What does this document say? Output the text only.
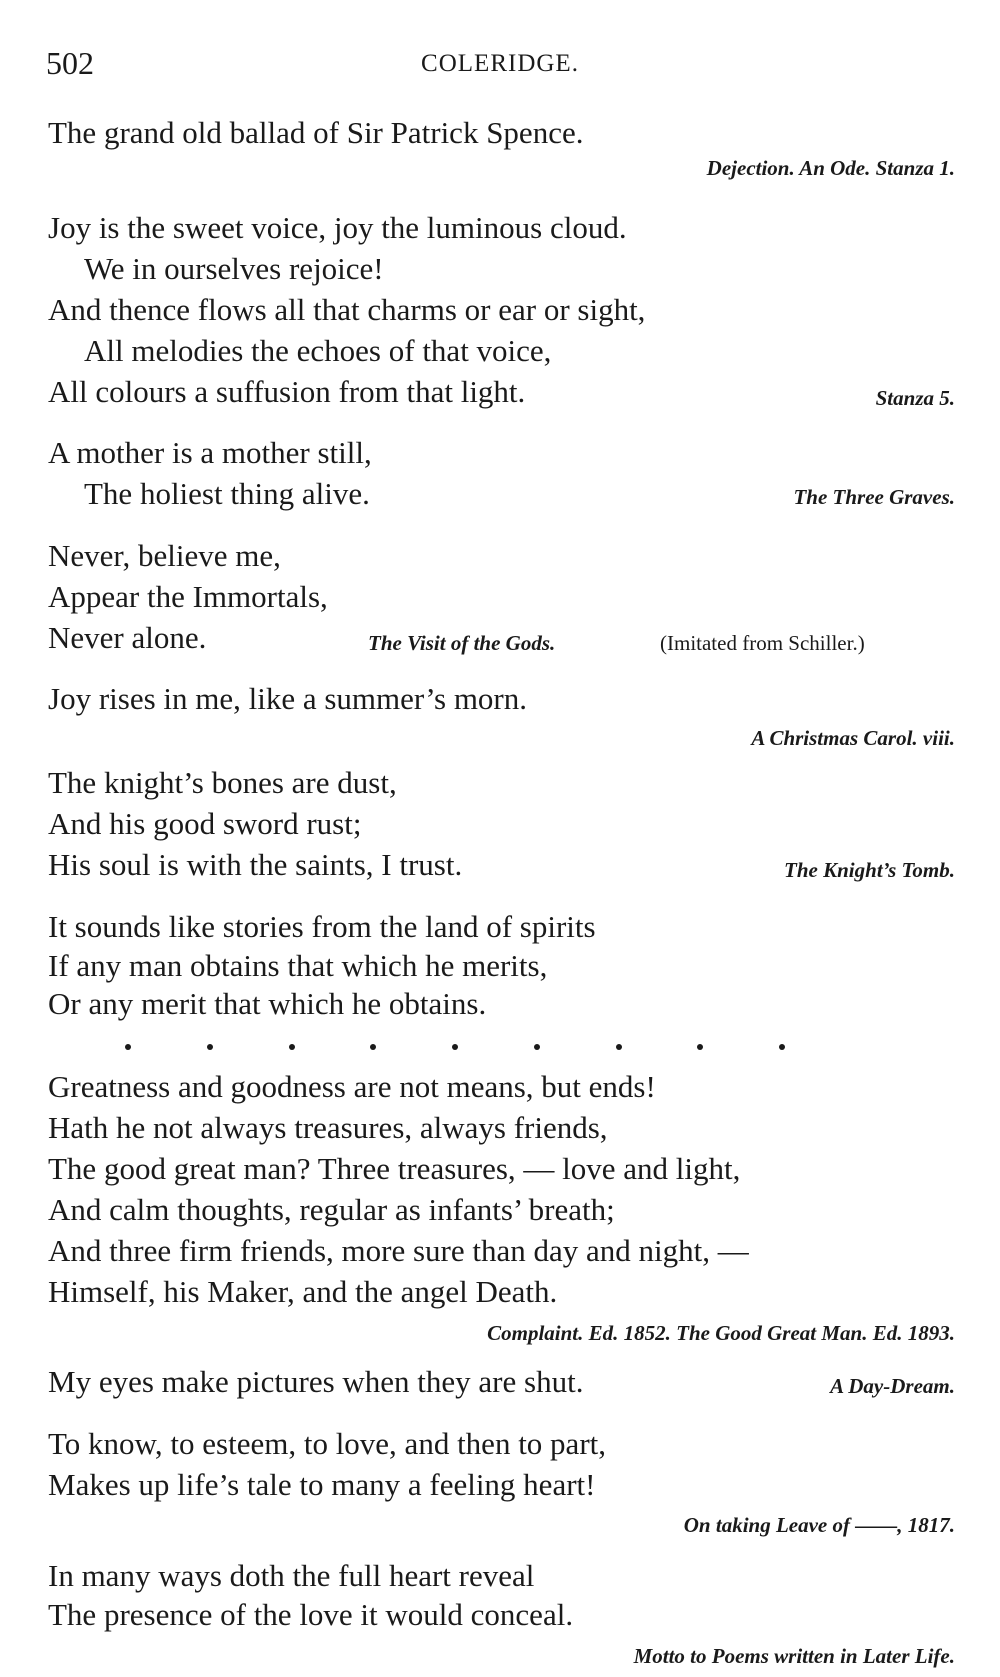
502	COLERIDGE.
The grand old ballad of Sir Patrick Spence.
Dejection. An Ode. Stanza 1.
Joy is the sweet voice, joy the luminous cloud.
We in ourselves rejoice!
And thence flows all that charms or ear or sight,
All melodies the echoes of that voice,
All colours a suffusion from that light.	Stanza 5.
A mother is a mother still,
The holiest thing alive.	The Three Graves.
Never, believe me,
Appear the Immortals,
Never alone.	The Visit of the Gods.	(Imitated from Schiller.)
Joy rises in me, like a summer’s morn.
A Christmas Carol. viii.
The knight’s bones are dust,
And his good sword rust;
His soul is with the saints, I trust.	The Knight’s Tomb.
It sounds like stories from the land of spirits
If any man obtains that which he merits,
Or any merit that which he obtains.
Greatness and goodness are not means, but ends!
Hath he not always treasures, always friends,
The good great man? Three treasures, — love and light,
And calm thoughts, regular as infants’ breath;
And three firm friends, more sure than day and night, —
Himself, his Maker, and the angel Death.
Complaint. Ed. 1852. The Good Great Man. Ed. 1893.
My eyes make pictures when they are shut.	A Day-Dream.
To know, to esteem, to love, and then to part,
Makes up life’s tale to many a feeling heart!
On taking Leave of ——, 1817.
In many ways doth the full heart reveal
The presence of the love it would conceal.
Motto to Poems written in Later Life.
